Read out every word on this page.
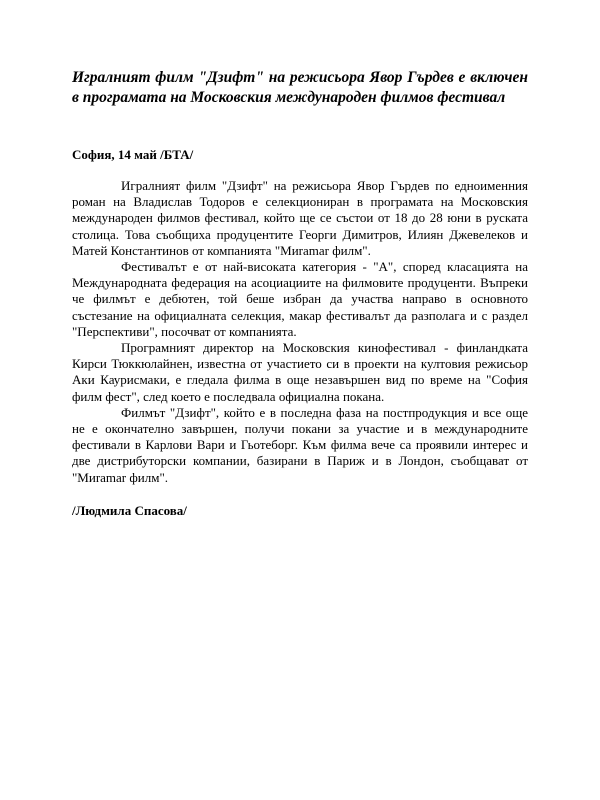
Игралният филм "Дзифт" на режисьора Явор Гърдев е включен в програмата на Московския международен филмов фестивал
София, 14 май /БТА/

Игралният филм "Дзифт" на режисьора Явор Гърдев по едноименния роман на Владислав Тодоров е селекциониран в програмата на Московския международен филмов фестивал, който ще се състои от 18 до 28 юни в руската столица. Това съобщиха продуцентите Георги Димитров, Илиян Джевелеков и Матей Константинов от компанията "Миramar филм".

Фестивалът е от най-високата категория - "А", според класацията на Международната федерация на асоциациите на филмовите продуценти. Въпреки че филмът е дебютен, той беше избран да участва направо в основното състезание на официалната селекция, макар фестивалът да разполага и с раздел "Перспективи", посочват от компанията.

Програмният директор на Московския кинофестивал - финландката Кирси Тюккюлайнен, известна от участието си в проекти на култовия режисьор Аки Каурисмаки, е гледала филма в още незавършен вид по време на "София филм фест", след което е последвала официална покана.

Филмът "Дзифт", който е в последна фаза на постпродукция и все още не е окончателно завършен, получи покани за участие и в международните фестивали в Карлови Вари и Гьотеборг. Към филма вече са проявили интерес и две дистрибуторски компании, базирани в Париж и в Лондон, съобщават от "Миramar филм".

/Людмила Спасова/
